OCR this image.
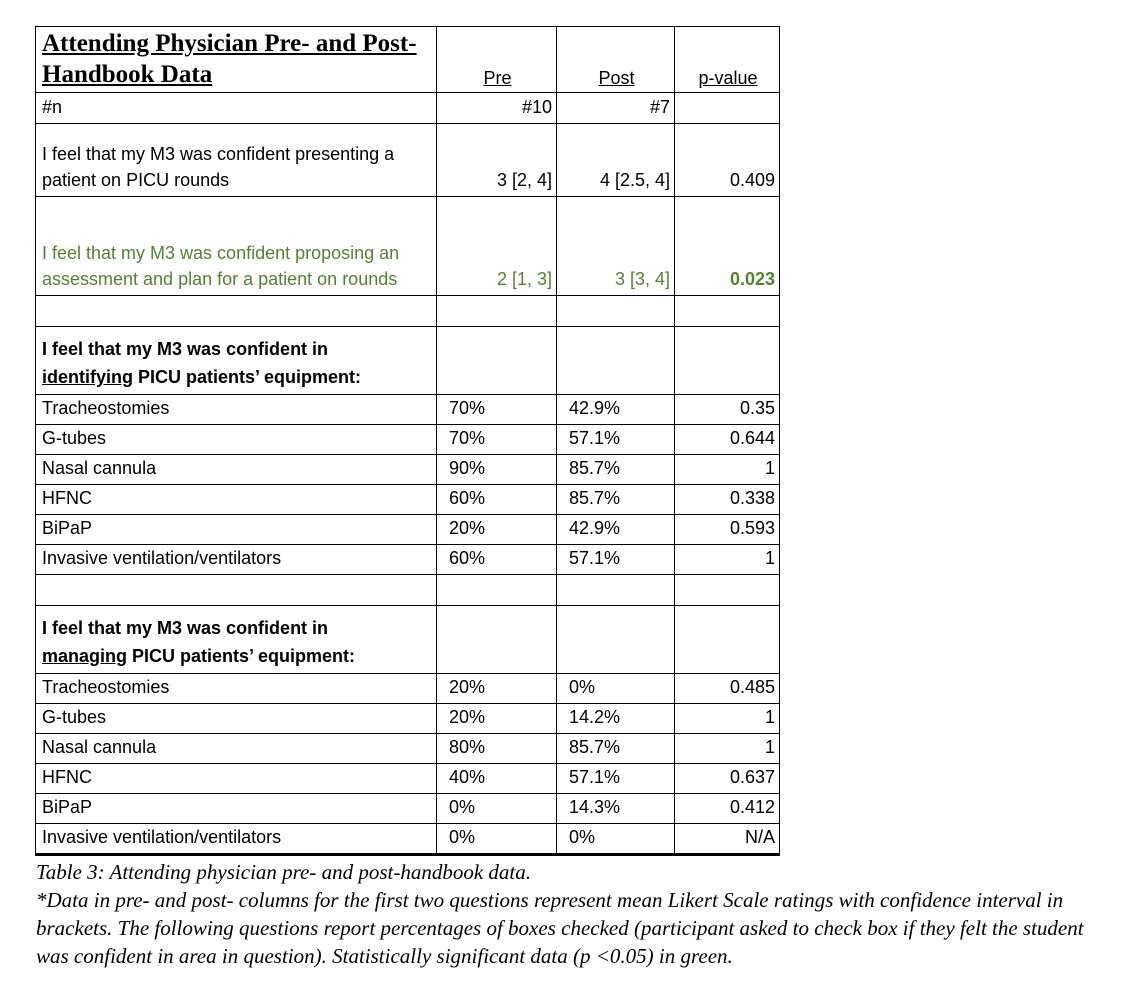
Attending Physician Pre- and Post-Handbook Data	Pre	Post	p-value
#n	#10	#7	
I feel that my M3 was confident presenting a patient on PICU rounds	3 [2, 4]	4 [2.5, 4]	0.409
I feel that my M3 was confident proposing an assessment and plan for a patient on rounds	2 [1, 3]	3 [3, 4]	0.023

I feel that my M3 was confident in
identifying PICU patients’ equipment:			
Tracheostomies	70%	42.9%	0.35
G-tubes	70%	57.1%	0.644
Nasal cannula	90%	85.7%	1
HFNC	60%	85.7%	0.338
BiPaP	20%	42.9%	0.593
Invasive ventilation/ventilators	60%	57.1%	1

I feel that my M3 was confident in
managing PICU patients’ equipment:			
Tracheostomies	20%	0%	0.485
G-tubes	20%	14.2%	1
Nasal cannula	80%	85.7%	1
HFNC	40%	57.1%	0.637
BiPaP	0%	14.3%	0.412
Invasive ventilation/ventilators	0%	0%	N/A

Table 3: Attending physician pre- and post-handbook data.

*Data in pre- and post- columns for the first two questions represent mean Likert Scale ratings with confidence interval in brackets. The following questions report percentages of boxes checked (participant asked to check box if they felt the student was confident in area in question). Statistically significant data (p <0.05) in green.
